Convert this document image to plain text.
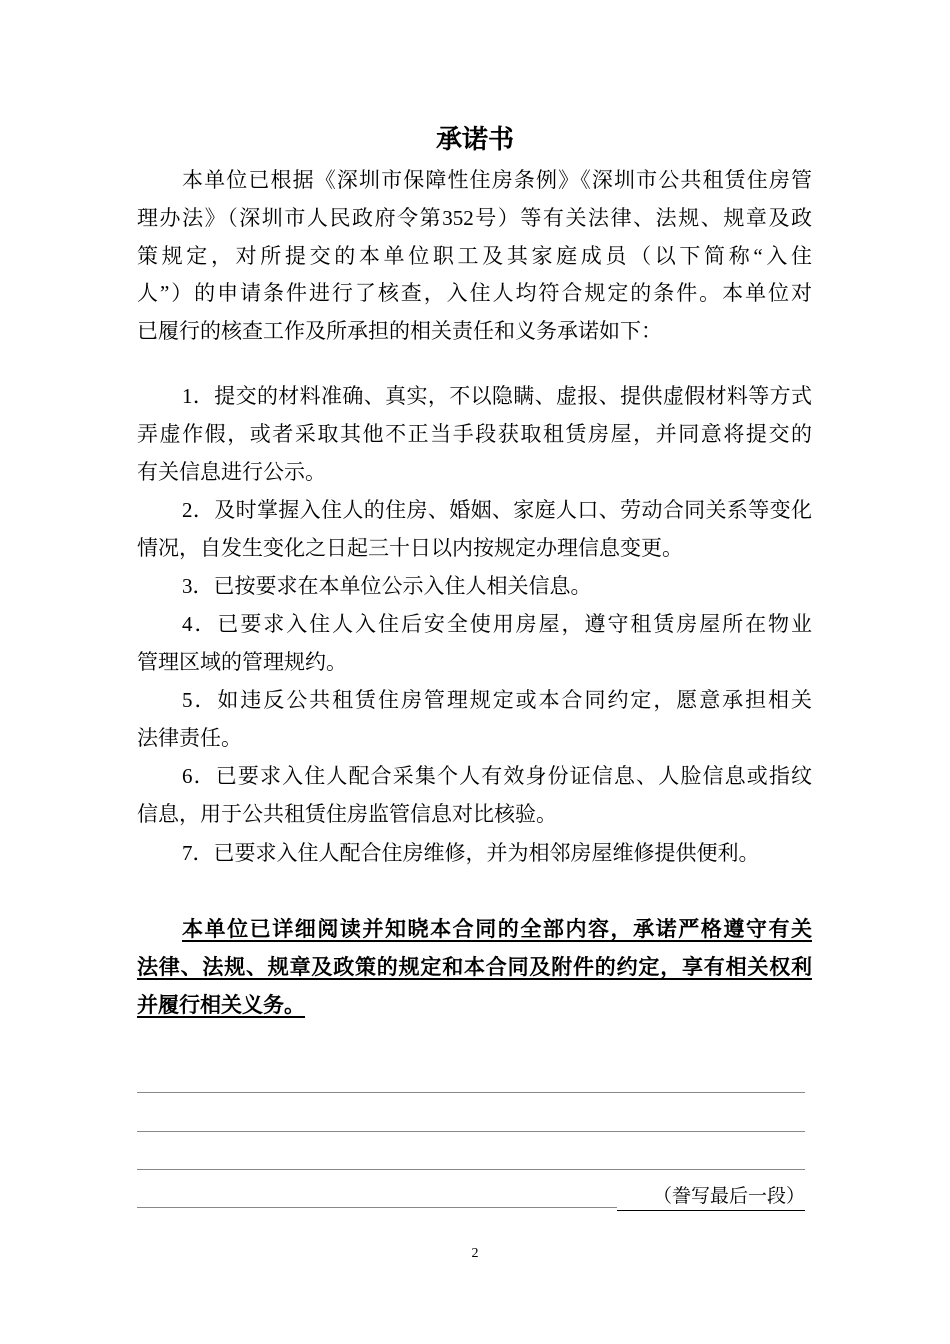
承诺书
本单位已根据《深圳市保障性住房条例》《深圳市公共租赁住房管
理办法》（深圳市人民政府令第352号）等有关法律、法规、规章及政
策规定，对所提交的本单位职工及其家庭成员（以下简称“入住
人”）的申请条件进行了核查，入住人均符合规定的条件。本单位对
已履行的核查工作及所承担的相关责任和义务承诺如下：
1．提交的材料准确、真实，不以隐瞒、虚报、提供虚假材料等方式
弄虚作假，或者采取其他不正当手段获取租赁房屋，并同意将提交的
有关信息进行公示。
2．及时掌握入住人的住房、婚姻、家庭人口、劳动合同关系等变化
情况，自发生变化之日起三十日以内按规定办理信息变更。
3．已按要求在本单位公示入住人相关信息。
4．已要求入住人入住后安全使用房屋，遵守租赁房屋所在物业
管理区域的管理规约。
5．如违反公共租赁住房管理规定或本合同约定，愿意承担相关
法律责任。
6．已要求入住人配合采集个人有效身份证信息、人脸信息或指纹
信息，用于公共租赁住房监管信息对比核验。
7．已要求入住人配合住房维修，并为相邻房屋维修提供便利。
本单位已详细阅读并知晓本合同的全部内容，承诺严格遵守有关
法律、法规、规章及政策的规定和本合同及附件的约定，享有相关权利
并履行相关义务。
（誊写最后一段）
2
